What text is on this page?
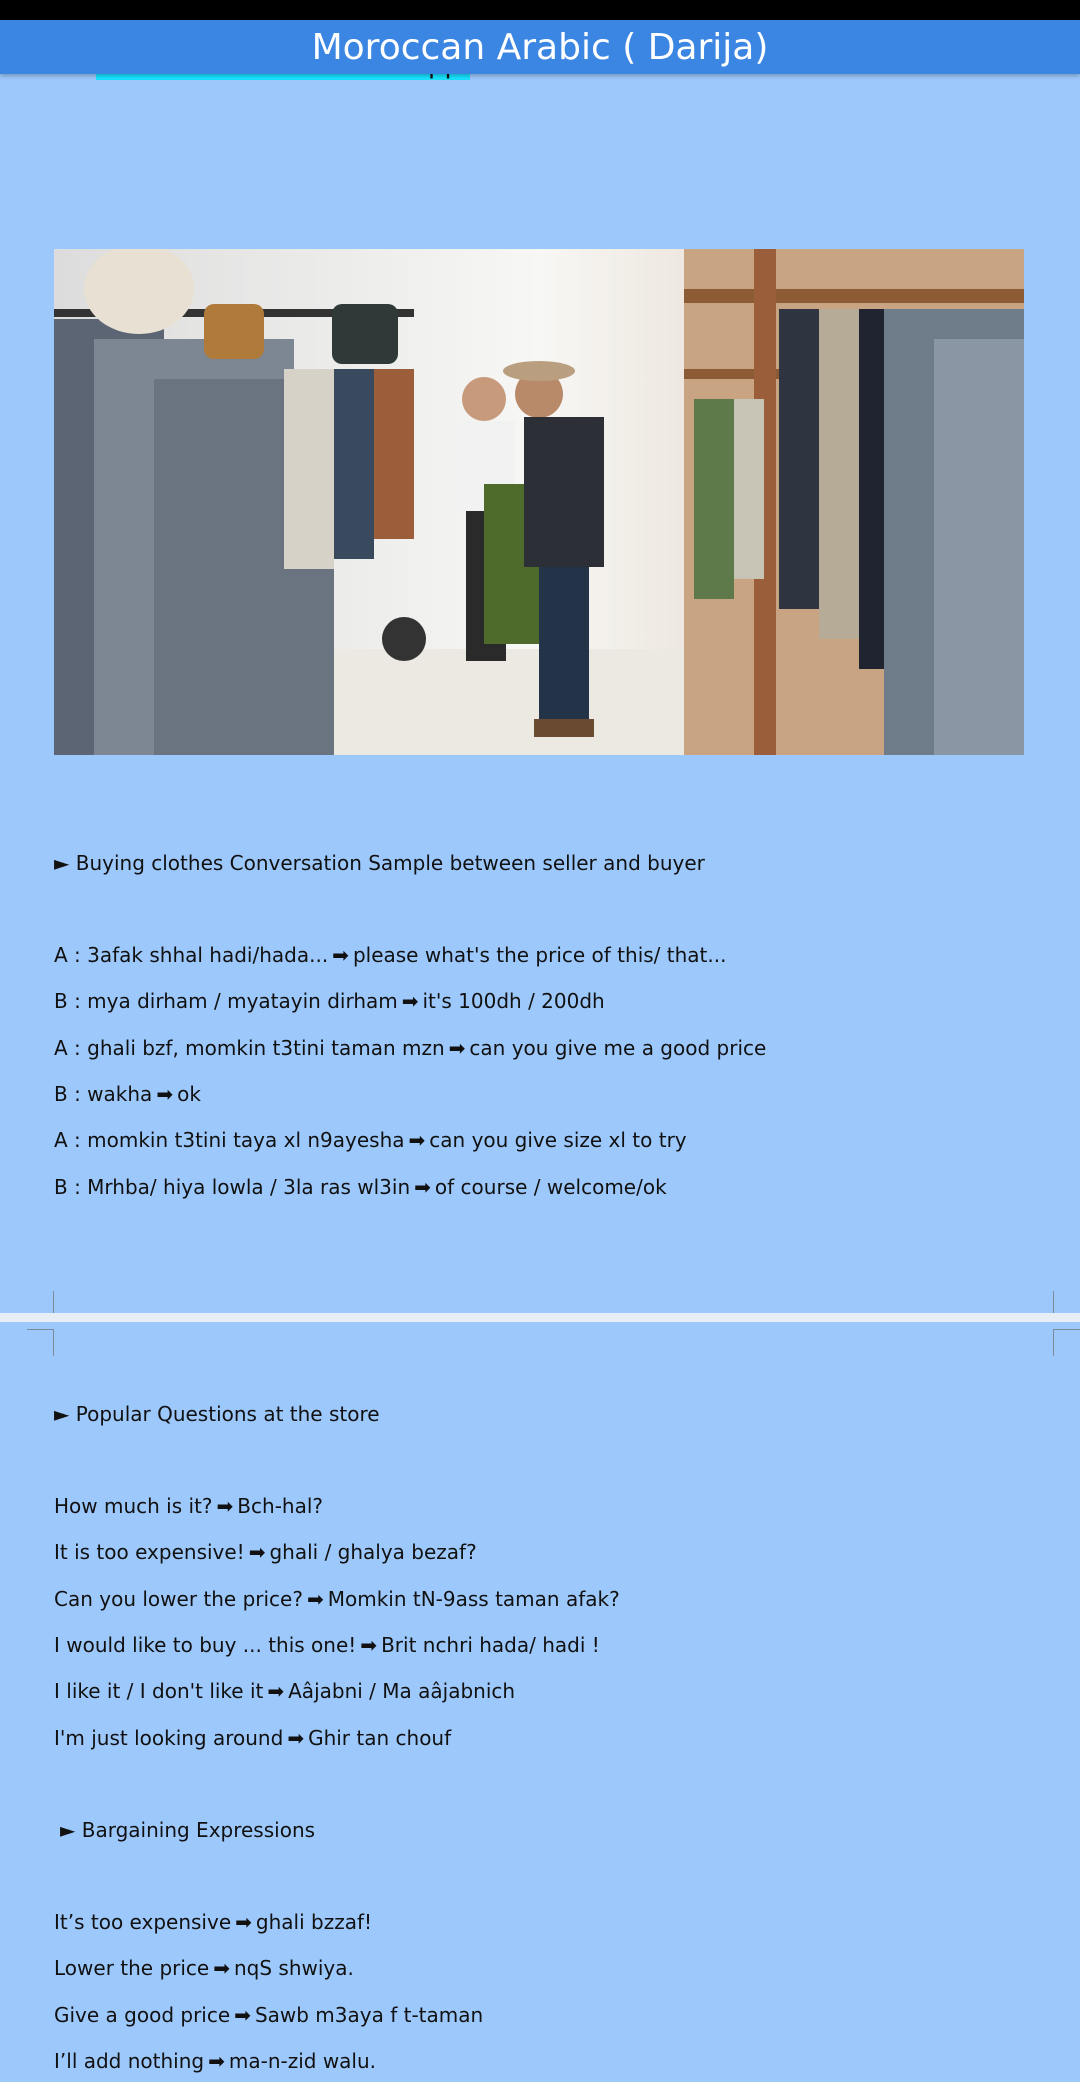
Moroccan Arabic ( Darija)
► Buying clothes Conversation Sample between seller and buyer
A : 3afak shhal hadi/hada... ➡ please what's the price of this/ that...
B : mya dirham / myatayin dirham ➡ it's 100dh / 200dh
A : ghali bzf, momkin t3tini taman mzn ➡ can you give me a good price
B : wakha ➡ ok
A : momkin t3tini taya xl n9ayesha ➡ can you give size xl to try
B : Mrhba/ hiya lowla / 3la ras wl3in ➡ of course / welcome/ok
► Popular Questions at the store
How much is it? ➡ Bch-hal?
It is too expensive! ➡ ghali / ghalya bezaf?
Can you lower the price? ➡ Momkin tN-9ass taman afak?
I would like to buy ... this one! ➡ Brit nchri hada/ hadi !
I like it / I don't like it ➡ Aâjabni / Ma aâjabnich
I'm just looking around ➡ Ghir tan chouf
► Bargaining Expressions
It’s too expensive ➡ ghali bzzaf!
Lower the price ➡ nqS shwiya.
Give a good price ➡ Sawb m3aya f t-taman
I’ll add nothing ➡ ma-n-zid walu.
